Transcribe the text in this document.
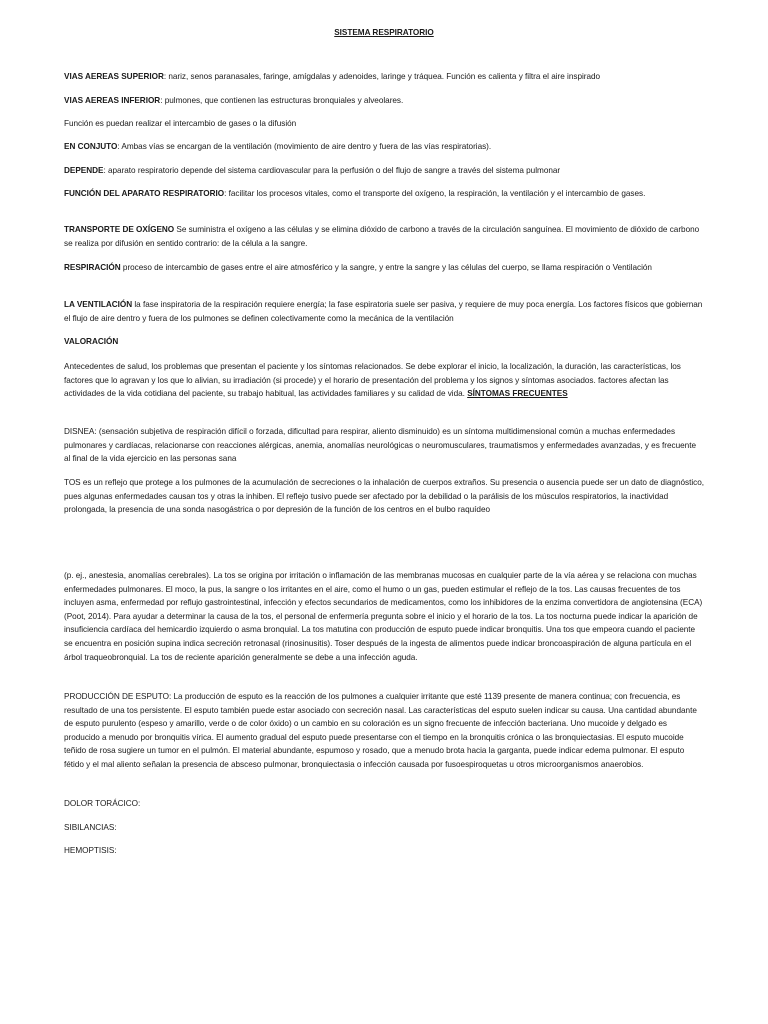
SISTEMA RESPIRATORIO

VIAS AEREAS SUPERIOR: nariz, senos paranasales, faringe, amígdalas y adenoides, laringe y tráquea. Función es calienta y filtra el aire inspirado

VIAS AEREAS INFERIOR: pulmones, que contienen las estructuras bronquiales y alveolares.

Función es puedan realizar el intercambio de gases o la difusión

EN CONJUTO: Ambas vías se encargan de la ventilación (movimiento de aire dentro y fuera de las vías respiratorias).

DEPENDE: aparato respiratorio depende del sistema cardiovascular para la perfusión o del flujo de sangre a través del sistema pulmonar

FUNCIÓN DEL APARATO RESPIRATORIO: facilitar los procesos vitales, como el transporte del oxígeno, la respiración, la ventilación y el intercambio de gases.

TRANSPORTE DE OXÍGENO Se suministra el oxígeno a las células y se elimina dióxido de carbono a través de la circulación sanguínea. El movimiento de dióxido de carbono se realiza por difusión en sentido contrario: de la célula a la sangre.

RESPIRACIÓN proceso de intercambio de gases entre el aire atmosférico y la sangre, y entre la sangre y las células del cuerpo, se llama respiración o Ventilación

LA VENTILACIÓN la fase inspiratoria de la respiración requiere energía; la fase espiratoria suele ser pasiva, y requiere de muy poca energía. Los factores físicos que gobiernan el flujo de aire dentro y fuera de los pulmones se definen colectivamente como la mecánica de la ventilación

VALORACIÓN

Antecedentes de salud, los problemas que presentan el paciente y los síntomas relacionados. Se debe explorar el inicio, la localización, la duración, las características, los factores que lo agravan y los que lo alivian, su irradiación (si procede) y el horario de presentación del problema y los signos y síntomas asociados. factores afectan las actividades de la vida cotidiana del paciente, su trabajo habitual, las actividades familiares y su calidad de vida. SÍNTOMAS FRECUENTES

DISNEA: (sensación subjetiva de respiración difícil o forzada, dificultad para respirar, aliento disminuido) es un síntoma multidimensional común a muchas enfermedades pulmonares y cardíacas, relacionarse con reacciones alérgicas, anemia, anomalías neurológicas o neuromusculares, traumatismos y enfermedades avanzadas, y es frecuente al final de la vida ejercicio en las personas sana

TOS es un reflejo que protege a los pulmones de la acumulación de secreciones o la inhalación de cuerpos extraños. Su presencia o ausencia puede ser un dato de diagnóstico, pues algunas enfermedades causan tos y otras la inhiben. El reflejo tusivo puede ser afectado por la debilidad o la parálisis de los músculos respiratorios, la inactividad prolongada, la presencia de una sonda nasogástrica o por depresión de la función de los centros en el bulbo raquídeo

(p. ej., anestesia, anomalías cerebrales). La tos se origina por irritación o inflamación de las membranas mucosas en cualquier parte de la vía aérea y se relaciona con muchas enfermedades pulmonares. El moco, la pus, la sangre o los irritantes en el aire, como el humo o un gas, pueden estimular el reflejo de la tos. Las causas frecuentes de tos incluyen asma, enfermedad por reflujo gastrointestinal, infección y efectos secundarios de medicamentos, como los inhibidores de la enzima convertidora de angiotensina (ECA) (Poot, 2014). Para ayudar a determinar la causa de la tos, el personal de enfermería pregunta sobre el inicio y el horario de la tos. La tos nocturna puede indicar la aparición de insuficiencia cardíaca del hemicardio izquierdo o asma bronquial. La tos matutina con producción de esputo puede indicar bronquitis. Una tos que empeora cuando el paciente se encuentra en posición supina indica secreción retronasal (rinosinusitis). Toser después de la ingesta de alimentos puede indicar broncoaspiración de alguna partícula en el árbol traqueobronquial. La tos de reciente aparición generalmente se debe a una infección aguda.

PRODUCCIÓN DE ESPUTO: La producción de esputo es la reacción de los pulmones a cualquier irritante que esté 1139 presente de manera continua; con frecuencia, es resultado de una tos persistente. El esputo también puede estar asociado con secreción nasal. Las características del esputo suelen indicar su causa. Una cantidad abundante de esputo purulento (espeso y amarillo, verde o de color óxido) o un cambio en su coloración es un signo frecuente de infección bacteriana. Uno mucoide y delgado es producido a menudo por bronquitis vírica. El aumento gradual del esputo puede presentarse con el tiempo en la bronquitis crónica o las bronquiectasias. El esputo mucoide teñido de rosa sugiere un tumor en el pulmón. El material abundante, espumoso y rosado, que a menudo brota hacia la garganta, puede indicar edema pulmonar. El esputo fétido y el mal aliento señalan la presencia de absceso pulmonar, bronquiectasia o infección causada por fusoespiroquetas u otros microorganismos anaerobios.

DOLOR TORÁCICO:

SIBILANCIAS:

HEMOPTISIS:
